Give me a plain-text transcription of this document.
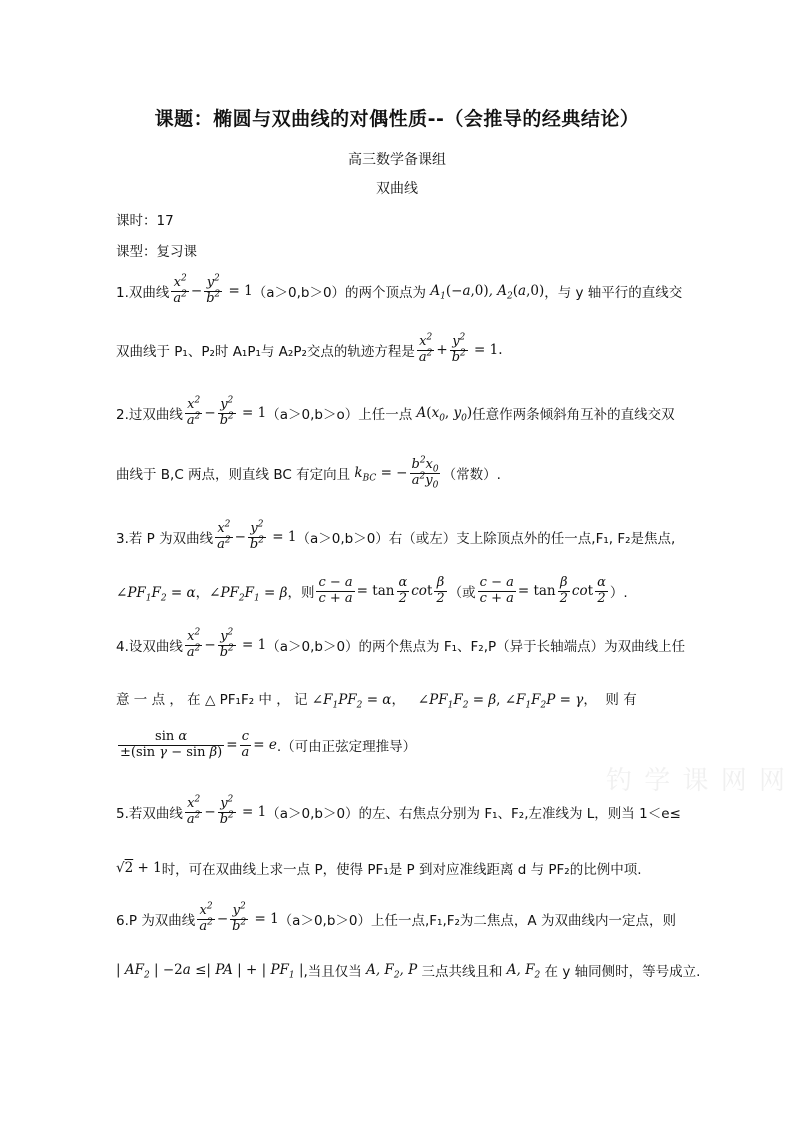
课题：椭圆与双曲线的对偶性质--（会推导的经典结论）
高三数学备课组
双曲线
课时：17
课型：复习课
1.双曲线 $\frac{x^2}{a^2} - \frac{y^2}{b^2} = 1$ （a＞0,b＞0）的两个顶点为 $A_1(-a,0)$, $A_2(a,0)$ ，与 y 轴平行的直线交
双曲线于 P₁、P₂时 A₁P₁与 A₂P₂交点的轨迹方程是 $\frac{x^2}{a^2} + \frac{y^2}{b^2} = 1$.
2.过双曲线 $\frac{x^2}{a^2} - \frac{y^2}{b^2} = 1$ （a＞0,b＞o）上任一点 $A(x_0$, $y_0$) 任意作两条倾斜角互补的直线交双
曲线于 B,C 两点，则直线 BC 有定向且 $k_{BC}$ = − $\frac{b^2x_0}{a^2y_0}$ （常数）.
3.若 P 为双曲线 $\frac{x^2}{a^2} - \frac{y^2}{b^2} = 1$ （a＞0,b＞0）右（或左）支上除顶点外的任一点,F₁, F₂是焦点,
$\angle PF_1F_2 = \alpha$，$\angle PF_2F_1 = \beta$ ，则 $\frac{c - a}{c + a} = \tan \frac{\alpha}{2}$ co t $\frac{\beta}{2}$ （或 $\frac{c - a}{c + a} = \tan \frac{\beta}{2}$ co t $\frac{\alpha}{2}$ ）.
4.设双曲线 $\frac{x^2}{a^2} - \frac{y^2}{b^2} = 1$ （a＞0,b＞0）的两个焦点为 F₁、F₂,P（异于长轴端点）为双曲线上任
意 一 点 ， 在 △ PF₁F₂ 中 ， 记 $\angle F_1PF_2 = \alpha$，   $\angle PF_1F_2 = \beta$, $\angle F_1F_2P = \gamma$， 则 有
$\frac{\text{sin α}}{\text{±(sin γ − sin β)}} = \frac{c}{a} = e$ .（可由正弦定理推导）
5.若双曲线 $\frac{x^2}{a^2} - \frac{y^2}{b^2} = 1$ （a＞0,b＞0）的左、右焦点分别为 F₁、F₂,左准线为 L，则当 1＜e≤
√2 + 1 时，可在双曲线上求一点 P，使得 PF₁是 P 到对应准线距离 d 与 PF₂的比例中项.
6.P 为双曲线 $\frac{x^2}{a^2} - \frac{y^2}{b^2} = 1$ （a＞0,b＞0）上任一点,F₁,F₂为二焦点，A 为双曲线内一定点，则
| $AF_2$ | −2a ≤| PA | + | $PF_1$ | ,当且仅当 A, $F_2$, P 三点共线且和 A, $F_2$ 在 y 轴同侧时，等号成立.
钓 学 课 网 网
